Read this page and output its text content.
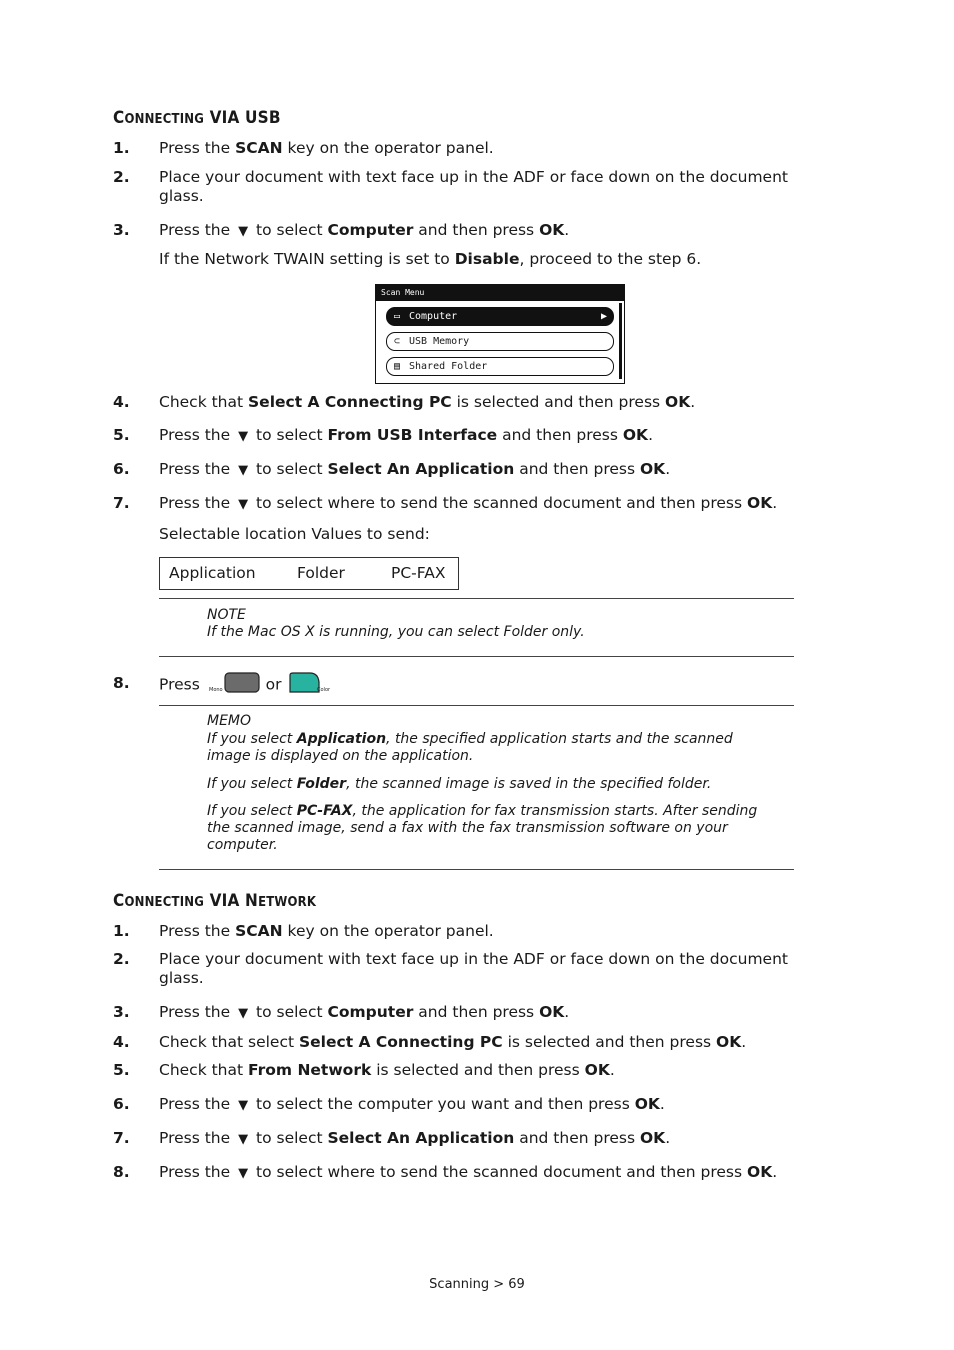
CONNECTING VIA USB
1. Press the SCAN key on the operator panel.
2. Place your document with text face up in the ADF or face down on the document glass.
3. Press the ▼ to select Computer and then press OK.
If the Network TWAIN setting is set to Disable, proceed to the step 6.
Scan Menu
▭ Computer	▶
⊂ USB Memory
▤ Shared Folder
4. Check that Select A Connecting PC is selected and then press OK.
5. Press the ▼ to select From USB Interface and then press OK.
6. Press the ▼ to select Select An Application and then press OK.
7. Press the ▼ to select where to send the scanned document and then press OK.
Selectable location Values to send:
Application	Folder	PC-FAX
NOTE
If the Mac OS X is running, you can select Folder only.
8. Press Mono	or	Color
MEMO
If you select Application, the specified application starts and the scanned image is displayed on the application.
If you select Folder, the scanned image is saved in the specified folder.
If you select PC-FAX, the application for fax transmission starts. After sending the scanned image, send a fax with the fax transmission software on your computer.
CONNECTING VIA NETWORK
1. Press the SCAN key on the operator panel.
2. Place your document with text face up in the ADF or face down on the document glass.
3. Press the ▼ to select Computer and then press OK.
4. Check that select Select A Connecting PC is selected and then press OK.
5. Check that From Network is selected and then press OK.
6. Press the ▼ to select the computer you want and then press OK.
7. Press the ▼ to select Select An Application and then press OK.
8. Press the ▼ to select where to send the scanned document and then press OK.
Scanning > 69
